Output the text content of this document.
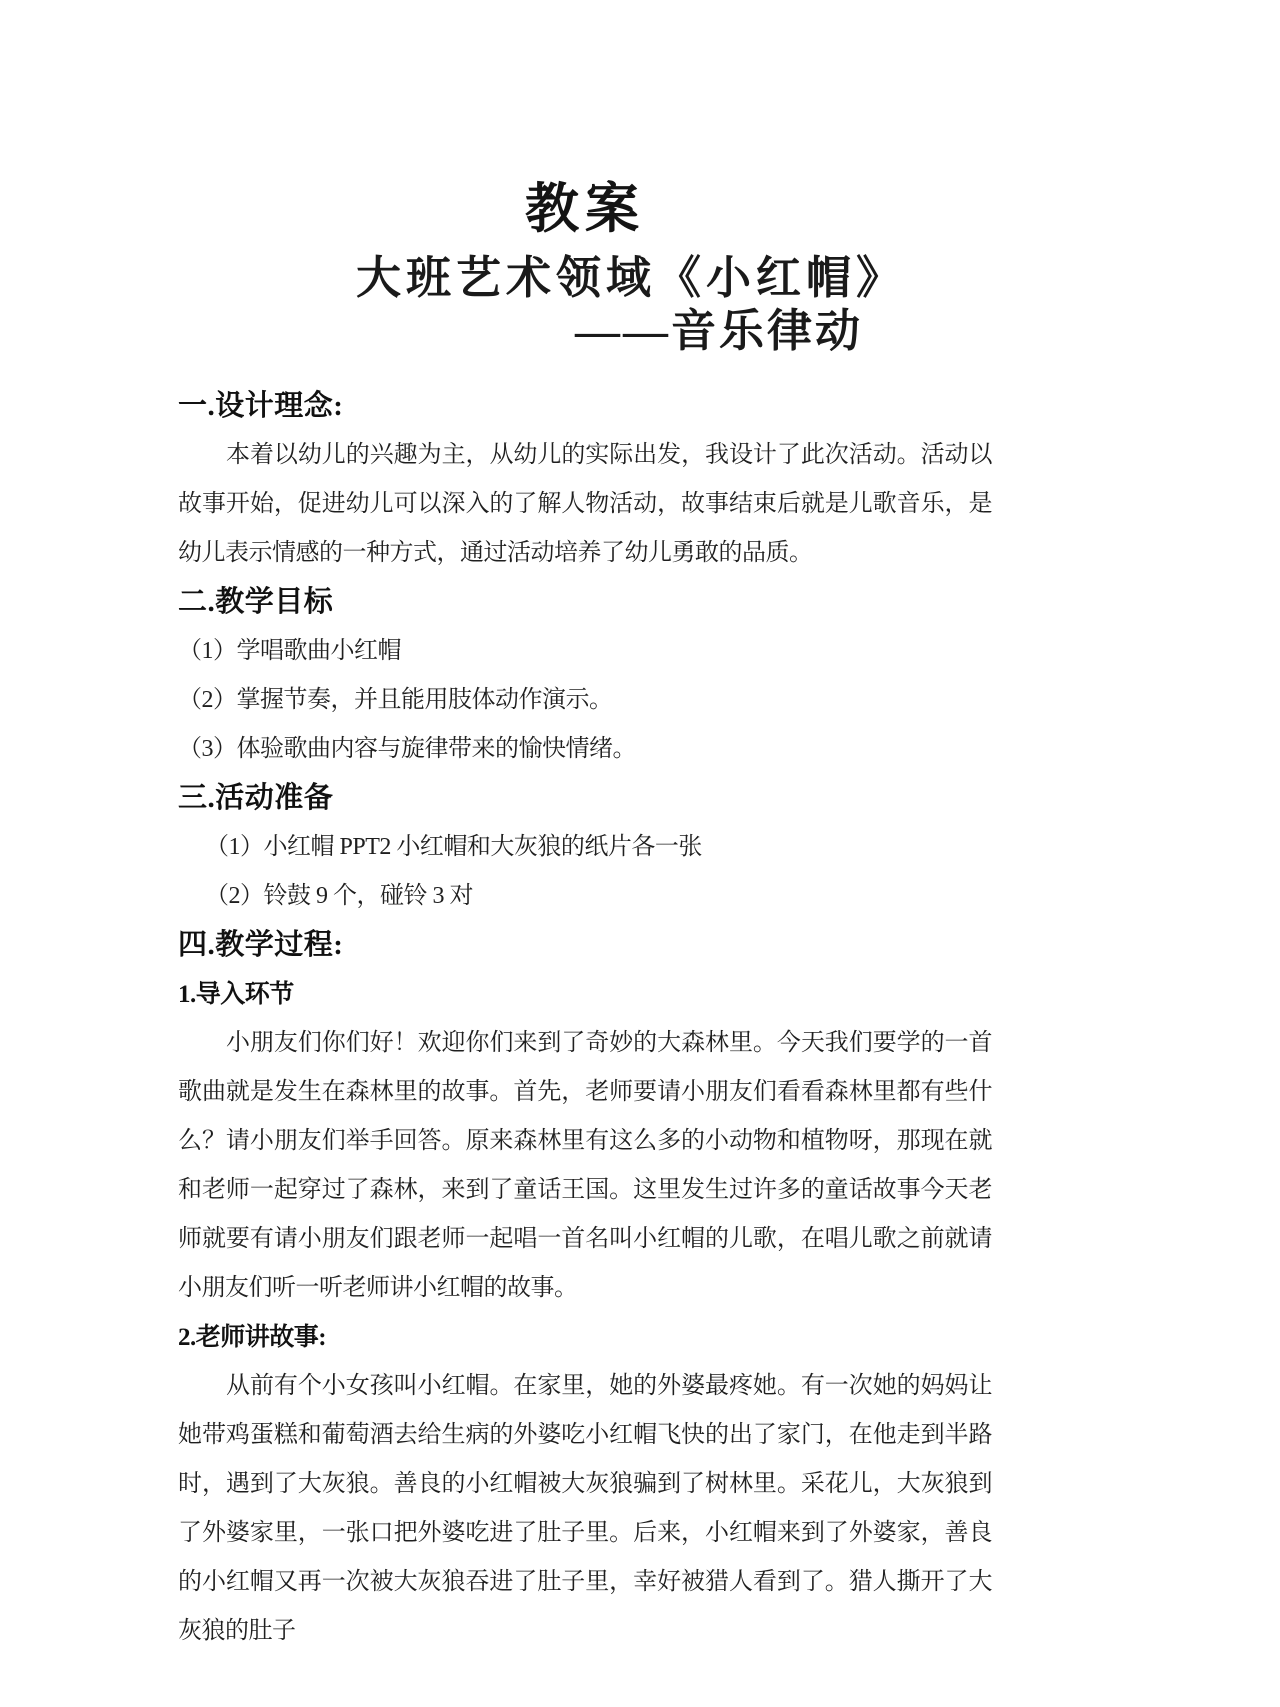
教案
大班艺术领域《小红帽》
——音乐律动
一.设计理念:

本着以幼儿的兴趣为主，从幼儿的实际出发，我设计了此次活动。活动以故事开始，促进幼儿可以深入的了解人物活动，故事结束后就是儿歌音乐，是幼儿表示情感的一种方式，通过活动培养了幼儿勇敢的品质。

二.教学目标
（1）学唱歌曲小红帽
（2）掌握节奏，并且能用肢体动作演示。
（3）体验歌曲内容与旋律带来的愉快情绪。
三.活动准备
（1）小红帽 PPT2 小红帽和大灰狼的纸片各一张
（2）铃鼓 9 个，碰铃 3 对
四.教学过程:
1.导入环节

小朋友们你们好！欢迎你们来到了奇妙的大森林里。今天我们要学的一首歌曲就是发生在森林里的故事。首先，老师要请小朋友们看看森林里都有些什么？请小朋友们举手回答。原来森林里有这么多的小动物和植物呀，那现在就和老师一起穿过了森林，来到了童话王国。这里发生过许多的童话故事今天老师就要有请小朋友们跟老师一起唱一首名叫小红帽的儿歌，在唱儿歌之前就请小朋友们听一听老师讲小红帽的故事。

2.老师讲故事:

从前有个小女孩叫小红帽。在家里，她的外婆最疼她。有一次她的妈妈让她带鸡蛋糕和葡萄酒去给生病的外婆吃小红帽飞快的出了家门，在他走到半路时，遇到了大灰狼。善良的小红帽被大灰狼骗到了树林里。采花儿，大灰狼到了外婆家里，一张口把外婆吃进了肚子里。后来，小红帽来到了外婆家，善良的小红帽又再一次被大灰狼吞进了肚子里，幸好被猎人看到了。猎人撕开了大灰狼的肚子
